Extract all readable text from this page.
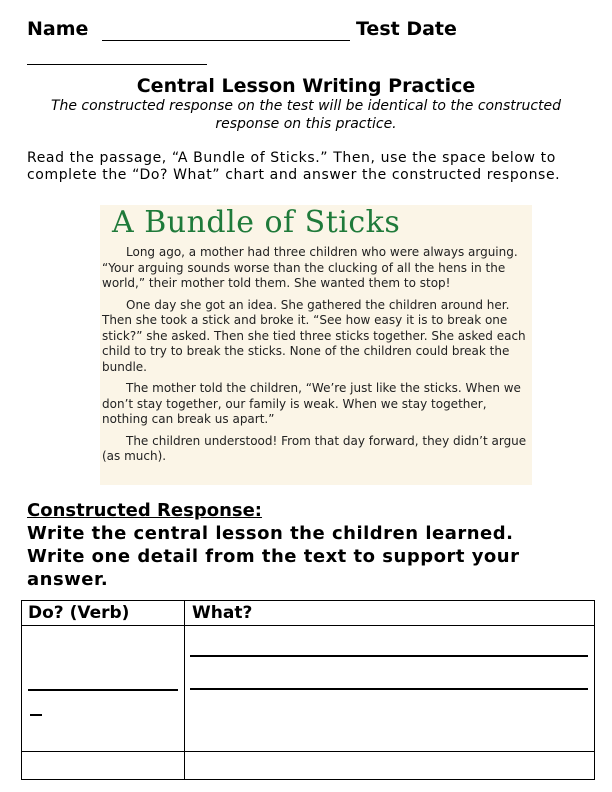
Name	Test Date
Central Lesson Writing Practice
The constructed response on the test will be identical to the constructed response on this practice.
Read the passage, “A Bundle of Sticks.” Then, use the space below to complete the “Do? What” chart and answer the constructed response.
A Bundle of Sticks

Long ago, a mother had three children who were always arguing. “Your arguing sounds worse than the clucking of all the hens in the world,” their mother told them. She wanted them to stop!

One day she got an idea. She gathered the children around her. Then she took a stick and broke it. “See how easy it is to break one stick?” she asked. Then she tied three sticks together. She asked each child to try to break the sticks. None of the children could break the bundle.

The mother told the children, “We’re just like the sticks. When we don’t stay together, our family is weak. When we stay together, nothing can break us apart.”

The children understood! From that day forward, they didn’t argue (as much).

Constructed Response:
Write the central lesson the children learned.
Write one detail from the text to support your
answer.
Do? (Verb)	What?
